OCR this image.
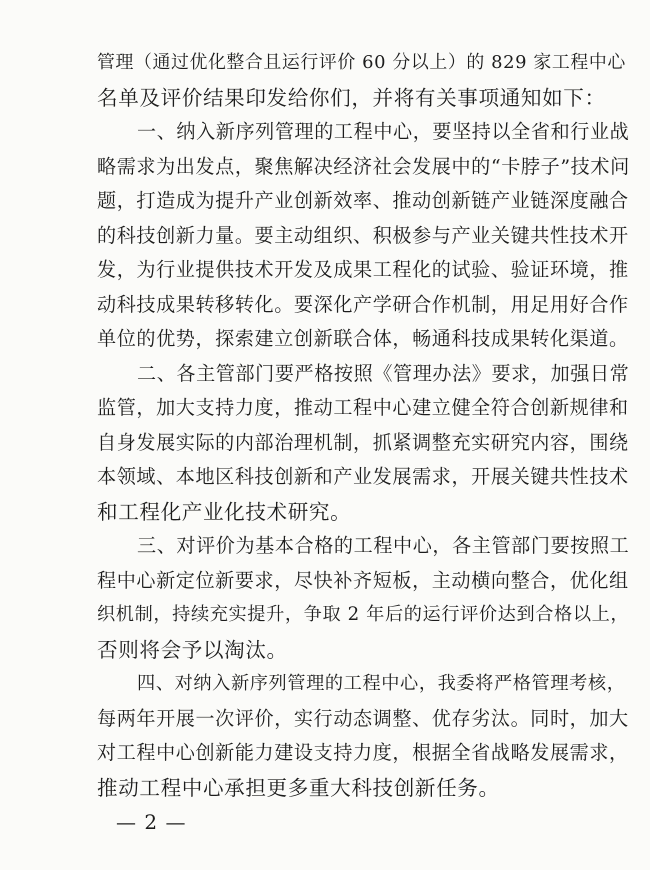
管理（通过优化整合且运行评价 60 分以上）的 829 家工程中心
名单及评价结果印发给你们，并将有关事项通知如下：
一、纳入新序列管理的工程中心，要坚持以全省和行业战
略需求为出发点，聚焦解决经济社会发展中的“卡脖子”技术问
题，打造成为提升产业创新效率、推动创新链产业链深度融合
的科技创新力量。要主动组织、积极参与产业关键共性技术开
发，为行业提供技术开发及成果工程化的试验、验证环境，推
动科技成果转移转化。要深化产学研合作机制，用足用好合作
单位的优势，探索建立创新联合体，畅通科技成果转化渠道。
二、各主管部门要严格按照《管理办法》要求，加强日常
监管，加大支持力度，推动工程中心建立健全符合创新规律和
自身发展实际的内部治理机制，抓紧调整充实研究内容，围绕
本领域、本地区科技创新和产业发展需求，开展关键共性技术
和工程化产业化技术研究。
三、对评价为基本合格的工程中心，各主管部门要按照工
程中心新定位新要求，尽快补齐短板，主动横向整合，优化组
织机制，持续充实提升，争取 2 年后的运行评价达到合格以上，
否则将会予以淘汰。
四、对纳入新序列管理的工程中心，我委将严格管理考核，
每两年开展一次评价，实行动态调整、优存劣汰。同时，加大
对工程中心创新能力建设支持力度，根据全省战略发展需求，
推动工程中心承担更多重大科技创新任务。
— 2 —
